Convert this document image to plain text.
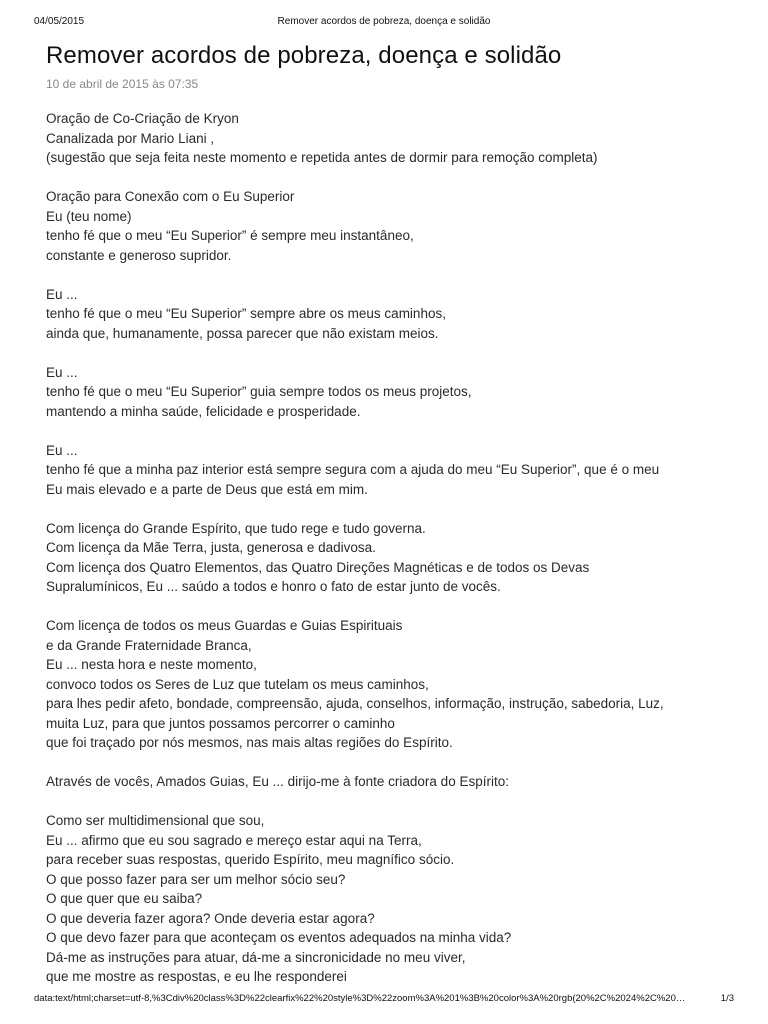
04/05/2015	Remover acordos de pobreza, doença e solidão
Remover acordos de pobreza, doença e solidão
10 de abril de 2015 às 07:35

Oração de Co-Criação de Kryon
Canalizada por Mario Liani ,
(sugestão que seja feita neste momento e repetida antes de dormir para remoção completa)

Oração para Conexão com o Eu Superior
Eu (teu nome)
tenho fé que o meu “Eu Superior” é sempre meu instantâneo,
constante e generoso supridor.

Eu ...
tenho fé que o meu “Eu Superior” sempre abre os meus caminhos,
ainda que, humanamente, possa parecer que não existam meios.

Eu ...
tenho fé que o meu “Eu Superior” guia sempre todos os meus projetos,
mantendo a minha saúde, felicidade e prosperidade.

Eu ...
tenho fé que a minha paz interior está sempre segura com a ajuda do meu “Eu Superior”, que é o meu
Eu mais elevado e a parte de Deus que está em mim.

Com licença do Grande Espírito, que tudo rege e tudo governa.
Com licença da Mãe Terra, justa, generosa e dadivosa.
Com licença dos Quatro Elementos, das Quatro Direções Magnéticas e de todos os Devas
Supralumínicos, Eu ... saúdo a todos e honro o fato de estar junto de vocês.

Com licença de todos os meus Guardas e Guias Espirituais
e da Grande Fraternidade Branca,
Eu ... nesta hora e neste momento,
convoco todos os Seres de Luz que tutelam os meus caminhos,
para lhes pedir afeto, bondade, compreensão, ajuda, conselhos, informação, instrução, sabedoria, Luz,
muita Luz, para que juntos possamos percorrer o caminho
que foi traçado por nós mesmos, nas mais altas regiões do Espírito.

Através de vocês, Amados Guias, Eu ... dirijo-me à fonte criadora do Espírito:

Como ser multidimensional que sou,
Eu ... afirmo que eu sou sagrado e mereço estar aqui na Terra,
para receber suas respostas, querido Espírito, meu magnífico sócio.
O que posso fazer para ser um melhor sócio seu?
O que quer que eu saiba?
O que deveria fazer agora? Onde deveria estar agora?
O que devo fazer para que aconteçam os eventos adequados na minha vida?
Dá-me as instruções para atuar, dá-me a sincronicidade no meu viver,
que me mostre as respostas, e eu lhe responderei

data:text/html;charset=utf-8,%3Cdiv%20class%3D%22clearfix%22%20style%3D%22zoom%3A%201%3B%20color%3A%20rgb(20%2C%2024%2C%20…	1/3
